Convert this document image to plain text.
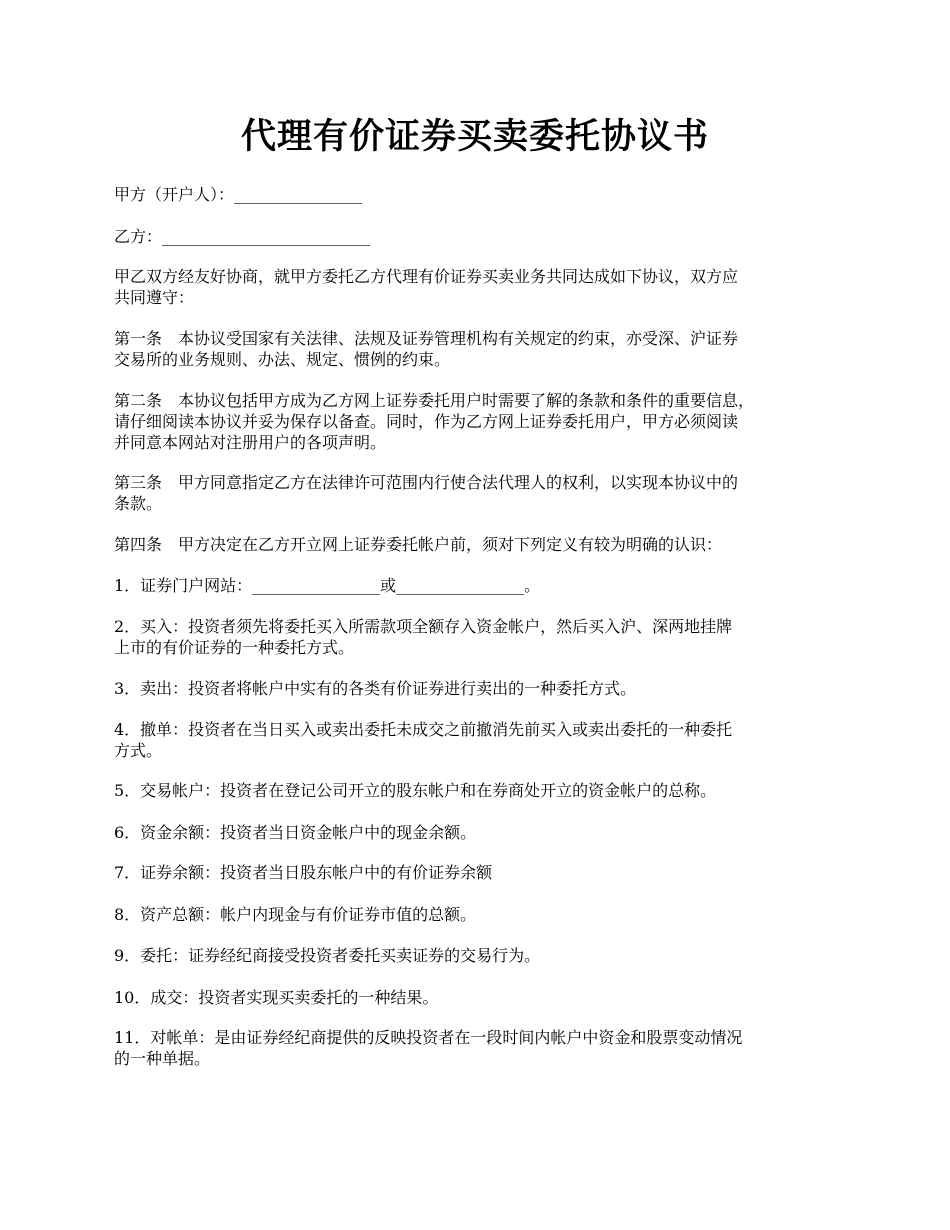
代理有价证券买卖委托协议书

甲方（开户人）：________________

乙方：__________________________

甲乙双方经友好协商，就甲方委托乙方代理有价证券买卖业务共同达成如下协议，双方应
共同遵守：

第一条　本协议受国家有关法律、法规及证券管理机构有关规定的约束，亦受深、沪证券
交易所的业务规则、办法、规定、惯例的约束。

第二条　本协议包括甲方成为乙方网上证券委托用户时需要了解的条款和条件的重要信息，
请仔细阅读本协议并妥为保存以备查。同时，作为乙方网上证券委托用户，甲方必须阅读
并同意本网站对注册用户的各项声明。

第三条　甲方同意指定乙方在法律许可范围内行使合法代理人的权利，以实现本协议中的
条款。

第四条　甲方决定在乙方开立网上证券委托帐户前，须对下列定义有较为明确的认识：

1．证券门户网站：________________或________________。

2．买入：投资者须先将委托买入所需款项全额存入资金帐户，然后买入沪、深两地挂牌
上市的有价证券的一种委托方式。

3．卖出：投资者将帐户中实有的各类有价证券进行卖出的一种委托方式。

4．撤单：投资者在当日买入或卖出委托未成交之前撤消先前买入或卖出委托的一种委托
方式。

5．交易帐户：投资者在登记公司开立的股东帐户和在券商处开立的资金帐户的总称。

6．资金余额：投资者当日资金帐户中的现金余额。

7．证券余额：投资者当日股东帐户中的有价证券余额

8．资产总额：帐户内现金与有价证券市值的总额。

9．委托：证券经纪商接受投资者委托买卖证券的交易行为。

10．成交：投资者实现买卖委托的一种结果。

11．对帐单：是由证券经纪商提供的反映投资者在一段时间内帐户中资金和股票变动情况
的一种单据。
